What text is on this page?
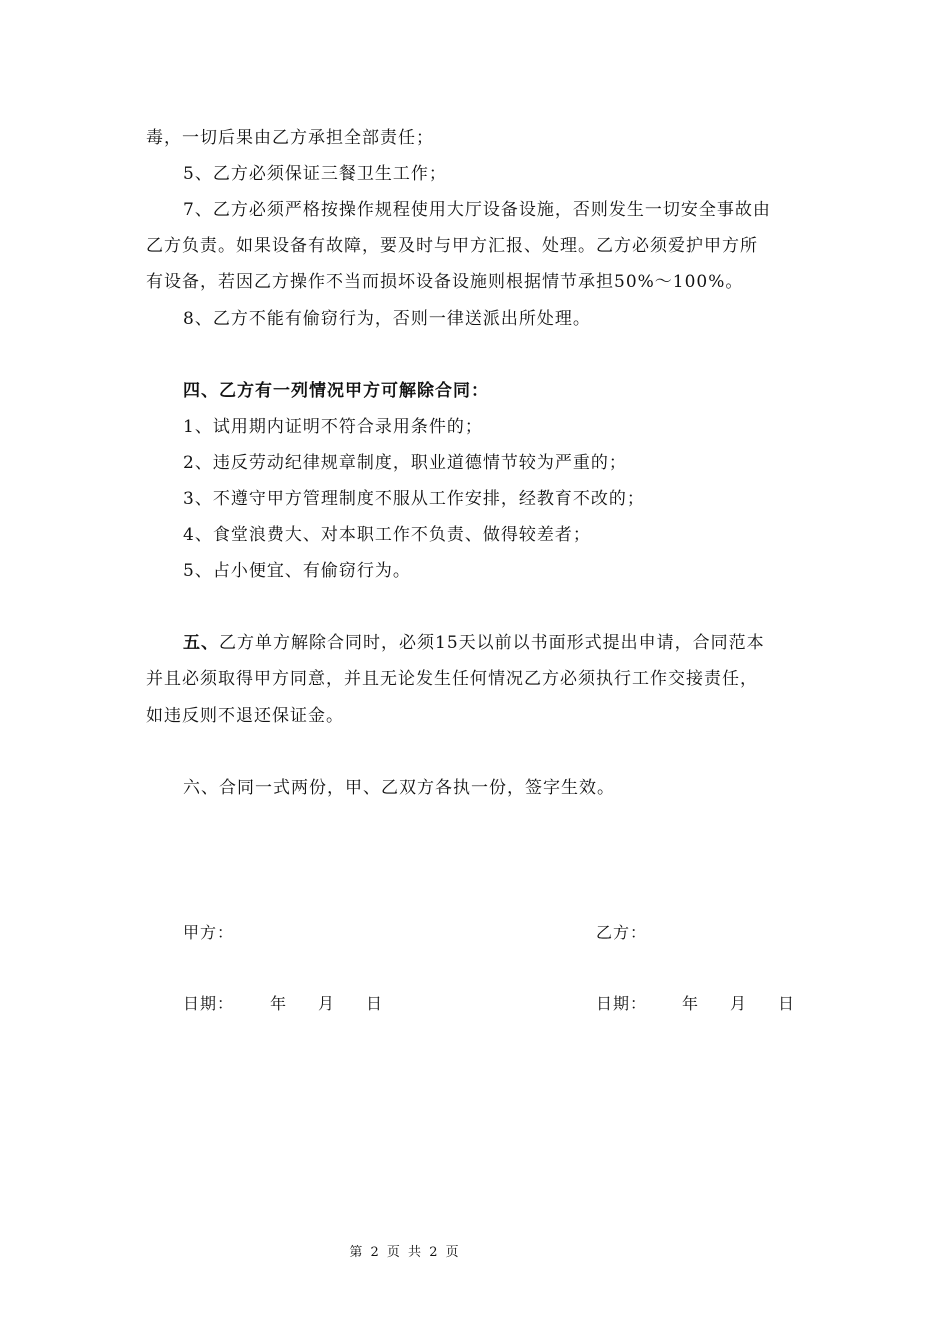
毒，一切后果由乙方承担全部责任；
5、乙方必须保证三餐卫生工作；
7、乙方必须严格按操作规程使用大厅设备设施，否则发生一切安全事故由
乙方负责。如果设备有故障，要及时与甲方汇报、处理。乙方必须爱护甲方所
有设备，若因乙方操作不当而损坏设备设施则根据情节承担50%～100%。
8、乙方不能有偷窃行为，否则一律送派出所处理。
四、乙方有一列情况甲方可解除合同：
1、试用期内证明不符合录用条件的；
2、违反劳动纪律规章制度，职业道德情节较为严重的；
3、不遵守甲方管理制度不服从工作安排，经教育不改的；
4、食堂浪费大、对本职工作不负责、做得较差者；
5、占小便宜、有偷窃行为。
五、乙方单方解除合同时，必须15天以前以书面形式提出申请，合同范本
并且必须取得甲方同意，并且无论发生任何情况乙方必须执行工作交接责任，
如违反则不退还保证金。
六、合同一式两份，甲、乙双方各执一份，签字生效。
甲方：	乙方：
日期： 年 月 日	日期： 年 月 日
第 2 页 共 2 页
